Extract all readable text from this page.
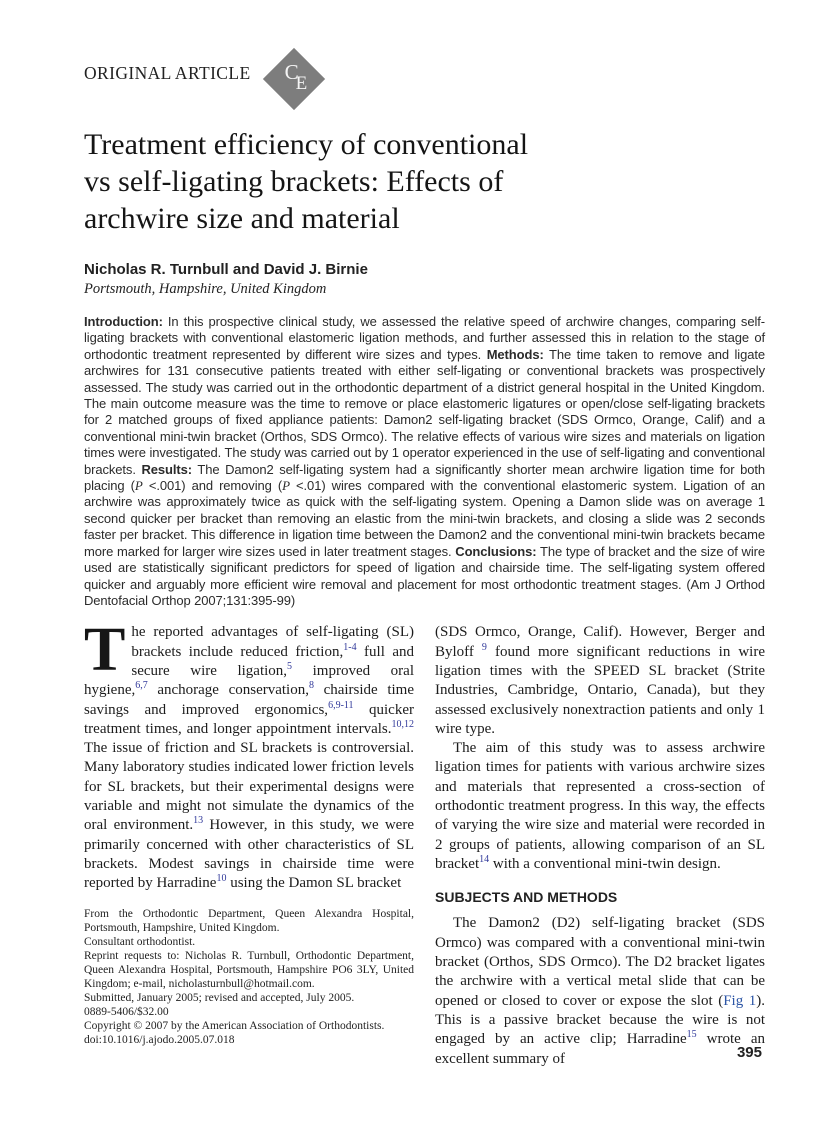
ORIGINAL ARTICLE C
E
Treatment efficiency of conventional
vs self-ligating brackets: Effects of
archwire size and material
Nicholas R. Turnbull and David J. Birnie
Portsmouth, Hampshire, United Kingdom
Introduction: In this prospective clinical study, we assessed the relative speed of archwire changes, comparing self-ligating brackets with conventional elastomeric ligation methods, and further assessed this in relation to the stage of orthodontic treatment represented by different wire sizes and types. Methods: The time taken to remove and ligate archwires for 131 consecutive patients treated with either self-ligating or conventional brackets was prospectively assessed. The study was carried out in the orthodontic department of a district general hospital in the United Kingdom. The main outcome measure was the time to remove or place elastomeric ligatures or open/close self-ligating brackets for 2 matched groups of fixed appliance patients: Damon2 self-ligating bracket (SDS Ormco, Orange, Calif) and a conventional mini-twin bracket (Orthos, SDS Ormco). The relative effects of various wire sizes and materials on ligation times were investigated. The study was carried out by 1 operator experienced in the use of self-ligating and conventional brackets. Results: The Damon2 self-ligating system had a significantly shorter mean archwire ligation time for both placing (P <.001) and removing (P <.01) wires compared with the conventional elastomeric system. Ligation of an archwire was approximately twice as quick with the self-ligating system. Opening a Damon slide was on average 1 second quicker per bracket than removing an elastic from the mini-twin brackets, and closing a slide was 2 seconds faster per bracket. This difference in ligation time between the Damon2 and the conventional mini-twin brackets became more marked for larger wire sizes used in later treatment stages. Conclusions: The type of bracket and the size of wire used are statistically significant predictors for speed of ligation and chairside time. The self-ligating system offered quicker and arguably more efficient wire removal and placement for most orthodontic treatment stages. (Am J Orthod Dentofacial Orthop 2007;131:395-99)

The reported advantages of self-ligating (SL) brackets include reduced friction,$^{1-4}$ full and secure wire ligation,$^5$ improved oral hygiene,$^{6,7}$ anchorage conservation,$^8$ chairside time savings and improved ergonomics,$^{6,9-11}$ quicker treatment times, and longer appointment intervals.$^{10,12}$ The issue of friction and SL brackets is controversial. Many laboratory studies indicated lower friction levels for SL brackets, but their experimental designs were variable and might not simulate the dynamics of the oral environment.$^{13}$ However, in this study, we were primarily concerned with other characteristics of SL brackets. Modest savings in chairside time were reported by Harradine$^{10}$ using the Damon SL bracket

From the Orthodontic Department, Queen Alexandra Hospital, Portsmouth, Hampshire, United Kingdom.
Consultant orthodontist.
Reprint requests to: Nicholas R. Turnbull, Orthodontic Department, Queen Alexandra Hospital, Portsmouth, Hampshire PO6 3LY, United Kingdom; e-mail, nicholasturnbull@hotmail.com.
Submitted, January 2005; revised and accepted, July 2005.
0889-5406/$32.00
Copyright © 2007 by the American Association of Orthodontists.
doi:10.1016/j.ajodo.2005.07.018

(SDS Ormco, Orange, Calif). However, Berger and Byloff $^9$ found more significant reductions in wire ligation times with the SPEED SL bracket (Strite Industries, Cambridge, Ontario, Canada), but they assessed exclusively nonextraction patients and only 1 wire type.

The aim of this study was to assess archwire ligation times for patients with various archwire sizes and materials that represented a cross-section of orthodontic treatment progress. In this way, the effects of varying the wire size and material were recorded in 2 groups of patients, allowing comparison of an SL bracket$^{14}$ with a conventional mini-twin design.

SUBJECTS AND METHODS

The Damon2 (D2) self-ligating bracket (SDS Ormco) was compared with a conventional mini-twin bracket (Orthos, SDS Ormco). The D2 bracket ligates the archwire with a vertical metal slide that can be opened or closed to cover or expose the slot (Fig 1). This is a passive bracket because the wire is not engaged by an active clip; Harradine$^{15}$ wrote an excellent summary of	395
